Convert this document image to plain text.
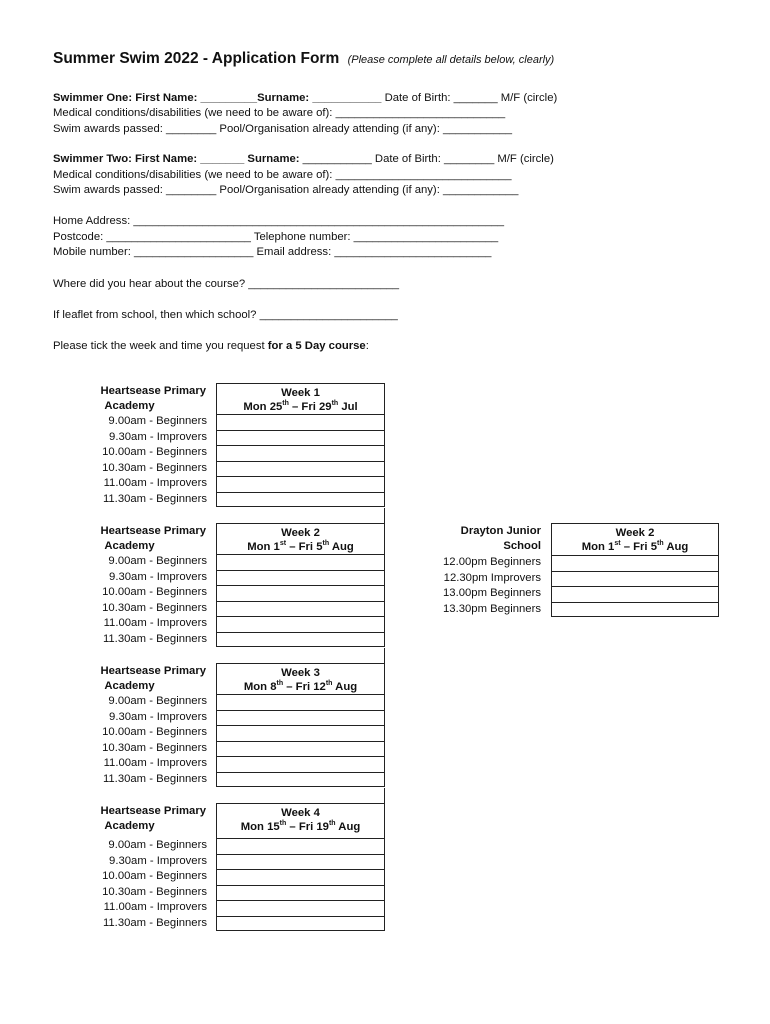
Summer Swim 2022 - Application Form (Please complete all details below, clearly)
Swimmer One: First Name: _________Surname: ___________ Date of Birth: _______ M/F (circle)
Medical conditions/disabilities (we need to be aware of): ___________________________
Swim awards passed: ________ Pool/Organisation already attending (if any): ___________
Swimmer Two: First Name: _______ Surname: ___________ Date of Birth: ________ M/F (circle)
Medical conditions/disabilities (we need to be aware of): ____________________________
Swim awards passed: ________ Pool/Organisation already attending (if any): ____________
Home Address: ___________________________________________________________
Postcode: _______________________ Telephone number: _______________________
Mobile number: ___________________ Email address: _________________________
Where did you hear about the course? ________________________
If leaflet from school, then which school? ______________________
Please tick the week and time you request for a 5 Day course:
Heartsease Primary
Academy
Week 1
Mon 25th – Fri 29th Jul
9.00am - Beginners
9.30am - Improvers
10.00am - Beginners
10.30am - Beginners
11.00am - Improvers
11.30am - Beginners
Heartsease Primary
Academy
Week 2
Mon 1st – Fri 5th Aug
9.00am - Beginners
9.30am - Improvers
10.00am - Beginners
10.30am - Beginners
11.00am - Improvers
11.30am - Beginners
Heartsease Primary
Academy
Week 3
Mon 8th – Fri 12th Aug
9.00am - Beginners
9.30am - Improvers
10.00am - Beginners
10.30am - Beginners
11.00am - Improvers
11.30am - Beginners
Heartsease Primary
Academy
Week 4
Mon 15th – Fri 19th Aug
9.00am - Beginners
9.30am - Improvers
10.00am - Beginners
10.30am - Beginners
11.00am - Improvers
11.30am - Beginners
Drayton Junior
School
Week 2
Mon 1st – Fri 5th Aug
12.00pm Beginners
12.30pm Improvers
13.00pm Beginners
13.30pm Beginners
